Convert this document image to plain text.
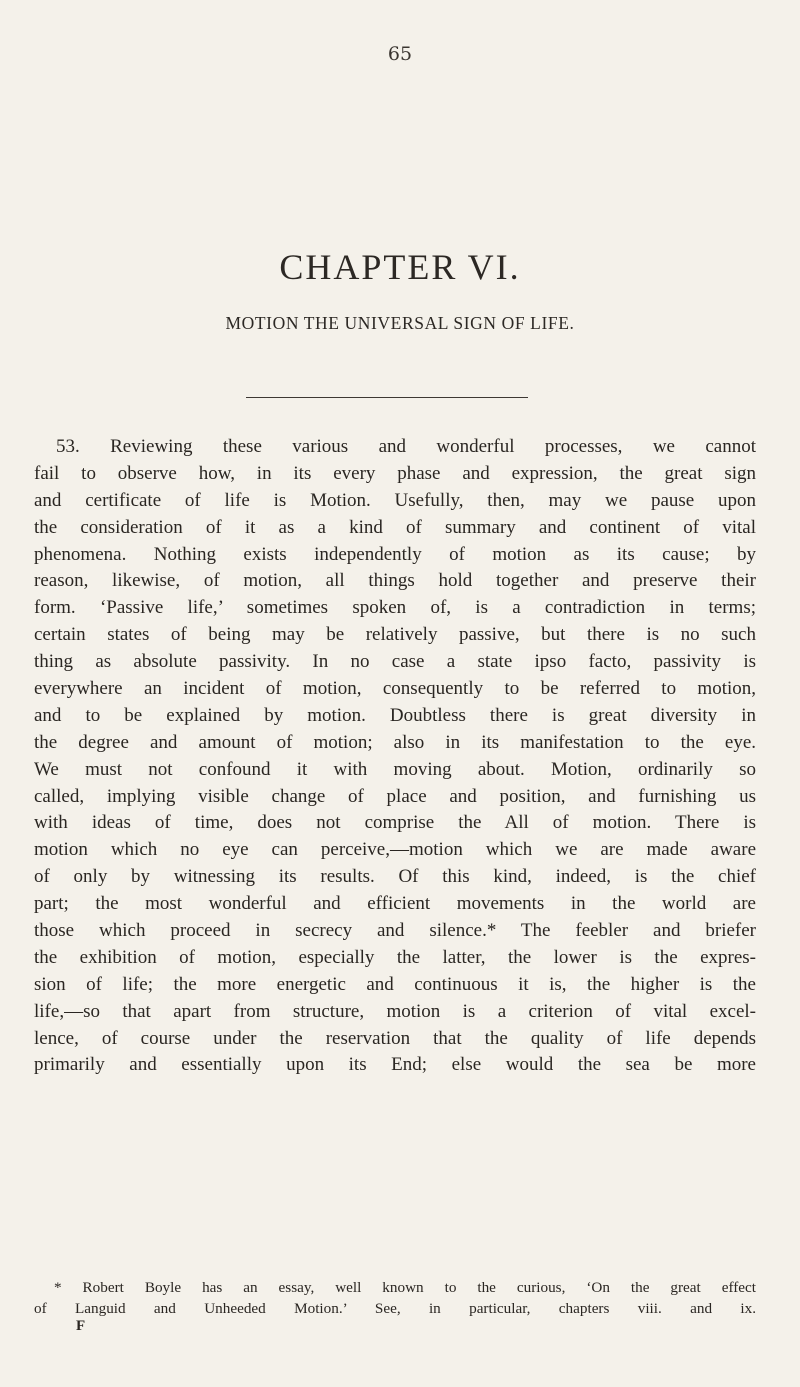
65
CHAPTER VI.
MOTION THE UNIVERSAL SIGN OF LIFE.
53. Reviewing these various and wonderful processes, we cannot
fail to observe how, in its every phase and expression, the great sign
and certificate of life is Motion. Usefully, then, may we pause upon
the consideration of it as a kind of summary and continent of vital
phenomena. Nothing exists independently of motion as its cause; by
reason, likewise, of motion, all things hold together and preserve their
form. ‘Passive life,’ sometimes spoken of, is a contradiction in terms;
certain states of being may be relatively passive, but there is no such
thing as absolute passivity. In no case a state ipso facto, passivity is
everywhere an incident of motion, consequently to be referred to motion,
and to be explained by motion. Doubtless there is great diversity in
the degree and amount of motion; also in its manifestation to the eye.
We must not confound it with moving about. Motion, ordinarily so
called, implying visible change of place and position, and furnishing us
with ideas of time, does not comprise the All of motion. There is
motion which no eye can perceive,—motion which we are made aware
of only by witnessing its results. Of this kind, indeed, is the chief
part; the most wonderful and efficient movements in the world are
those which proceed in secrecy and silence.* The feebler and briefer
the exhibition of motion, especially the latter, the lower is the expres-
sion of life; the more energetic and continuous it is, the higher is the
life,—so that apart from structure, motion is a criterion of vital excel-
lence, of course under the reservation that the quality of life depends
primarily and essentially upon its End; else would the sea be more
* Robert Boyle has an essay, well known to the curious, ‘On the great effect
of Languid and Unheeded Motion.’ See, in particular, chapters viii. and ix.
F
